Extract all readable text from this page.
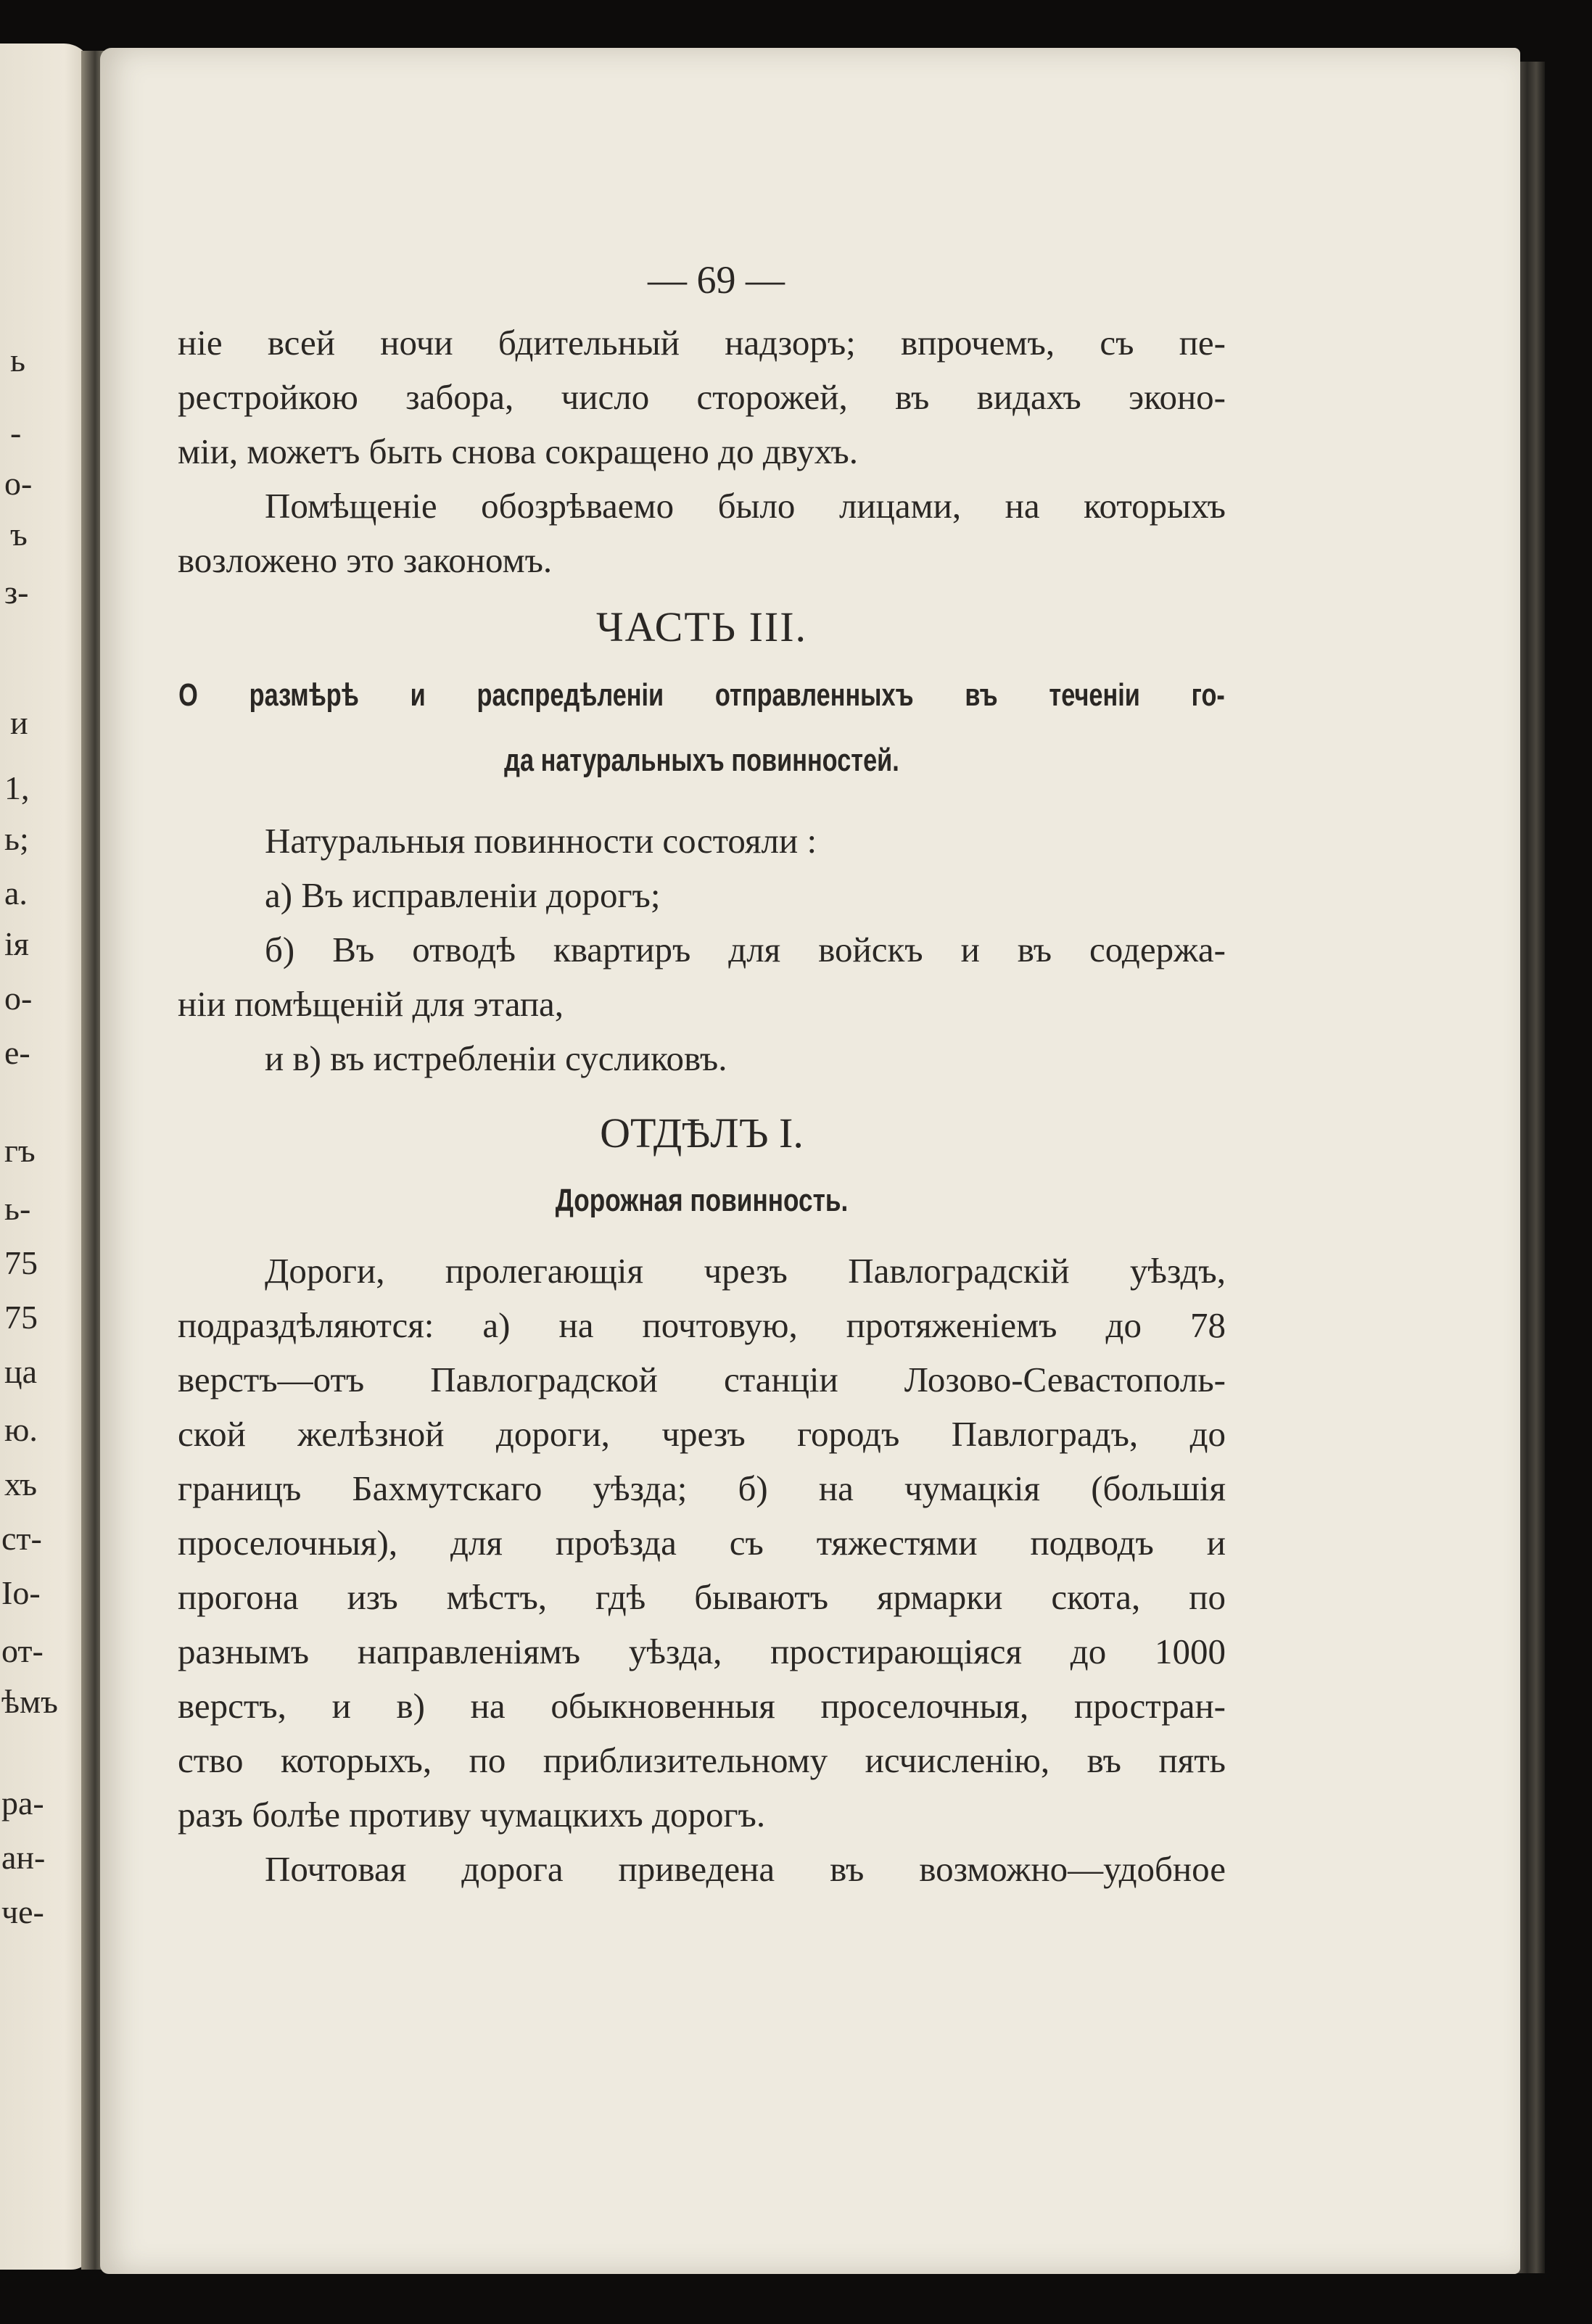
ь
-
о-
ъ
з-
и
1,
ь;
а.
ія
о-
е-
гъ
ь-
75
75
ца
ю.
хъ
ст-
Io-
от-
ѣмъ
ра-
ан-
че-
— 69 —
ніе всей ночи бдительный надзоръ; впрочемъ, съ пе-
рестройкою забора, число сторожей, въ видахъ эконо-
міи, можетъ быть снова сокращено до двухъ.
Помѣщеніе обозрѣваемо было лицами, на которыхъ
возложено это закономъ.
ЧАСТЬ III.
О размѣрѣ и распредѣленіи отправленныхъ въ теченіи го-
да натуральныхъ повинностей.
Натуральныя повинности состояли :
а) Въ исправленіи дорогъ;
б) Въ отводѣ квартиръ для войскъ и въ содержа-
ніи помѣщеній для этапа,
и в) въ истребленіи сусликовъ.
ОТДѢЛЪ I.
Дорожная повинность.
Дороги, пролегающія чрезъ Павлоградскій уѣздъ,
подраздѣляются: а) на почтовую, протяженіемъ до 78
верстъ—отъ Павлоградской станціи Лозово-Севастополь-
ской желѣзной дороги, чрезъ городъ Павлоградъ, до
границъ Бахмутскаго уѣзда; б) на чумацкія (большія
проселочныя), для проѣзда съ тяжестями подводъ и
прогона изъ мѣстъ, гдѣ бываютъ ярмарки скота, по
разнымъ направленіямъ уѣзда, простирающіяся до 1000
верстъ, и в) на обыкновенныя проселочныя, простран-
ство которыхъ, по приблизительному исчисленію, въ пять
разъ болѣе противу чумацкихъ дорогъ.
Почтовая дорога приведена въ возможно—удобное
